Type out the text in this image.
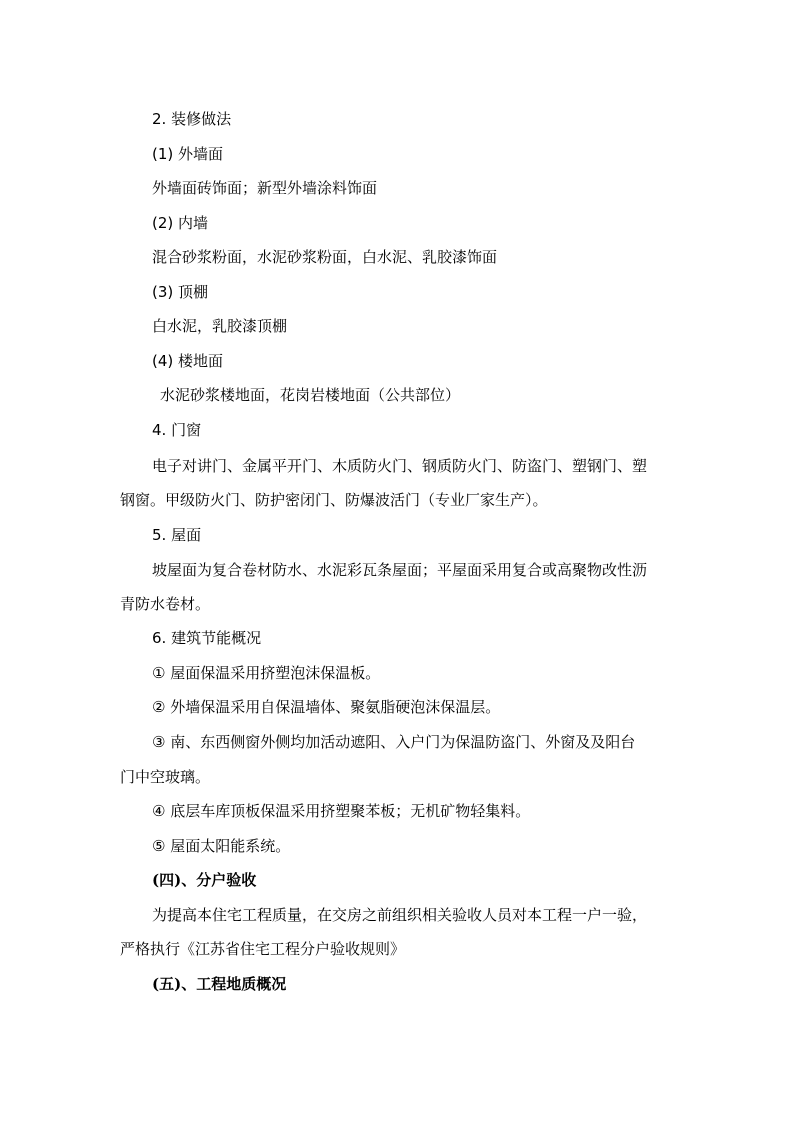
2. 装修做法
(1) 外墙面
外墙面砖饰面；新型外墙涂料饰面
(2) 内墙
混合砂浆粉面，水泥砂浆粉面，白水泥、乳胶漆饰面
(3) 顶棚
白水泥，乳胶漆顶棚
(4) 楼地面
水泥砂浆楼地面，花岗岩楼地面（公共部位）
4. 门窗
电子对讲门、金属平开门、木质防火门、钢质防火门、防盗门、塑钢门、塑
钢窗。甲级防火门、防护密闭门、防爆波活门（专业厂家生产）。
5. 屋面
坡屋面为复合卷材防水、水泥彩瓦条屋面；平屋面采用复合或高聚物改性沥
青防水卷材。
6. 建筑节能概况
① 屋面保温采用挤塑泡沫保温板。
② 外墙保温采用自保温墙体、聚氨脂硬泡沫保温层。
③ 南、东西侧窗外侧均加活动遮阳、入户门为保温防盗门、外窗及及阳台
门中空玻璃。
④ 底层车库顶板保温采用挤塑聚苯板；无机矿物轻集料。
⑤ 屋面太阳能系统。
(四)、分户验收
为提高本住宅工程质量，在交房之前组织相关验收人员对本工程一户一验，
严格执行《江苏省住宅工程分户验收规则》
(五)、工程地质概况
